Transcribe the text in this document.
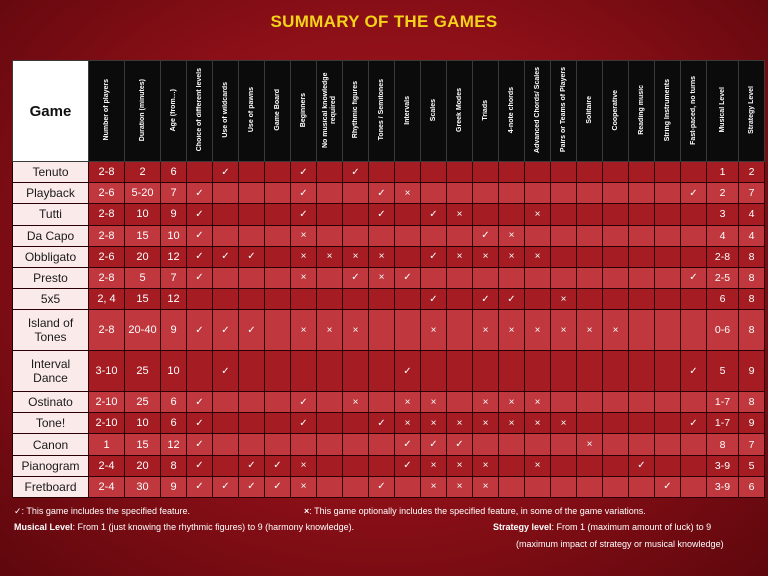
SUMMARY OF THE GAMES
Game	Number of players	Duration (minutes)	Age (from…)	Choice of different levels	Use of wildcards	Use of pawns	Game Board	Beginners	No musical knowledge required	Rhythmic figures	Tones / Semitones	Intervals	Scales	Greek Modes	Triads	4-note chords	Advanced Chords/ Scales	Pairs or Teams of Players	Solitaire	Cooperative	Reading music	String Instruments	Fast-paced, no turns	Musical Level	Strategy Level
Tenuto	2-8	2	6		✓			✓		✓														1	2
Playback	2-6	5-20	7	✓				✓			✓	×											✓	2	7
Tutti	2-8	10	9	✓				✓			✓		✓	×			×							3	4
Da Capo	2-8	15	10	✓				×							✓	×								4	4
Obbligato	2-6	20	12	✓	✓	✓		×	×	×	×		✓	×	×	×	×							2-8	8
Presto	2-8	5	7	✓				×		✓	×	✓											✓	2-5	8
5x5	2, 4	15	12										✓		✓	✓		×						6	8
Island of Tones	2-8	20-40	9	✓	✓	✓		×	×	×			×		×	×	×	×	×	×				0-6	8
Interval Dance	3-10	25	10		✓							✓											✓	5	9
Ostinato	2-10	25	6	✓				✓		×		×	×		×	×	×							1-7	8
Tone!	2-10	10	6	✓				✓			✓	×	×	×	×	×	×	×					✓	1-7	9
Canon	1	15	12	✓								✓	✓	✓					×					8	7
Pianogram	2-4	20	8	✓		✓	✓	×				✓	×	×	×		×				✓			3-9	5
Fretboard	2-4	30	9	✓	✓	✓	✓	×			✓		×	×	×							✓		3-9	6
✓: This game includes the specified feature.	×: This game optionally includes the specified feature, in some of the game variations.
Musical Level: From 1 (just knowing the rhythmic figures) to 9 (harmony knowledge).	Strategy level: From 1 (maximum amount of luck) to 9
(maximum impact of strategy or musical knowledge)
